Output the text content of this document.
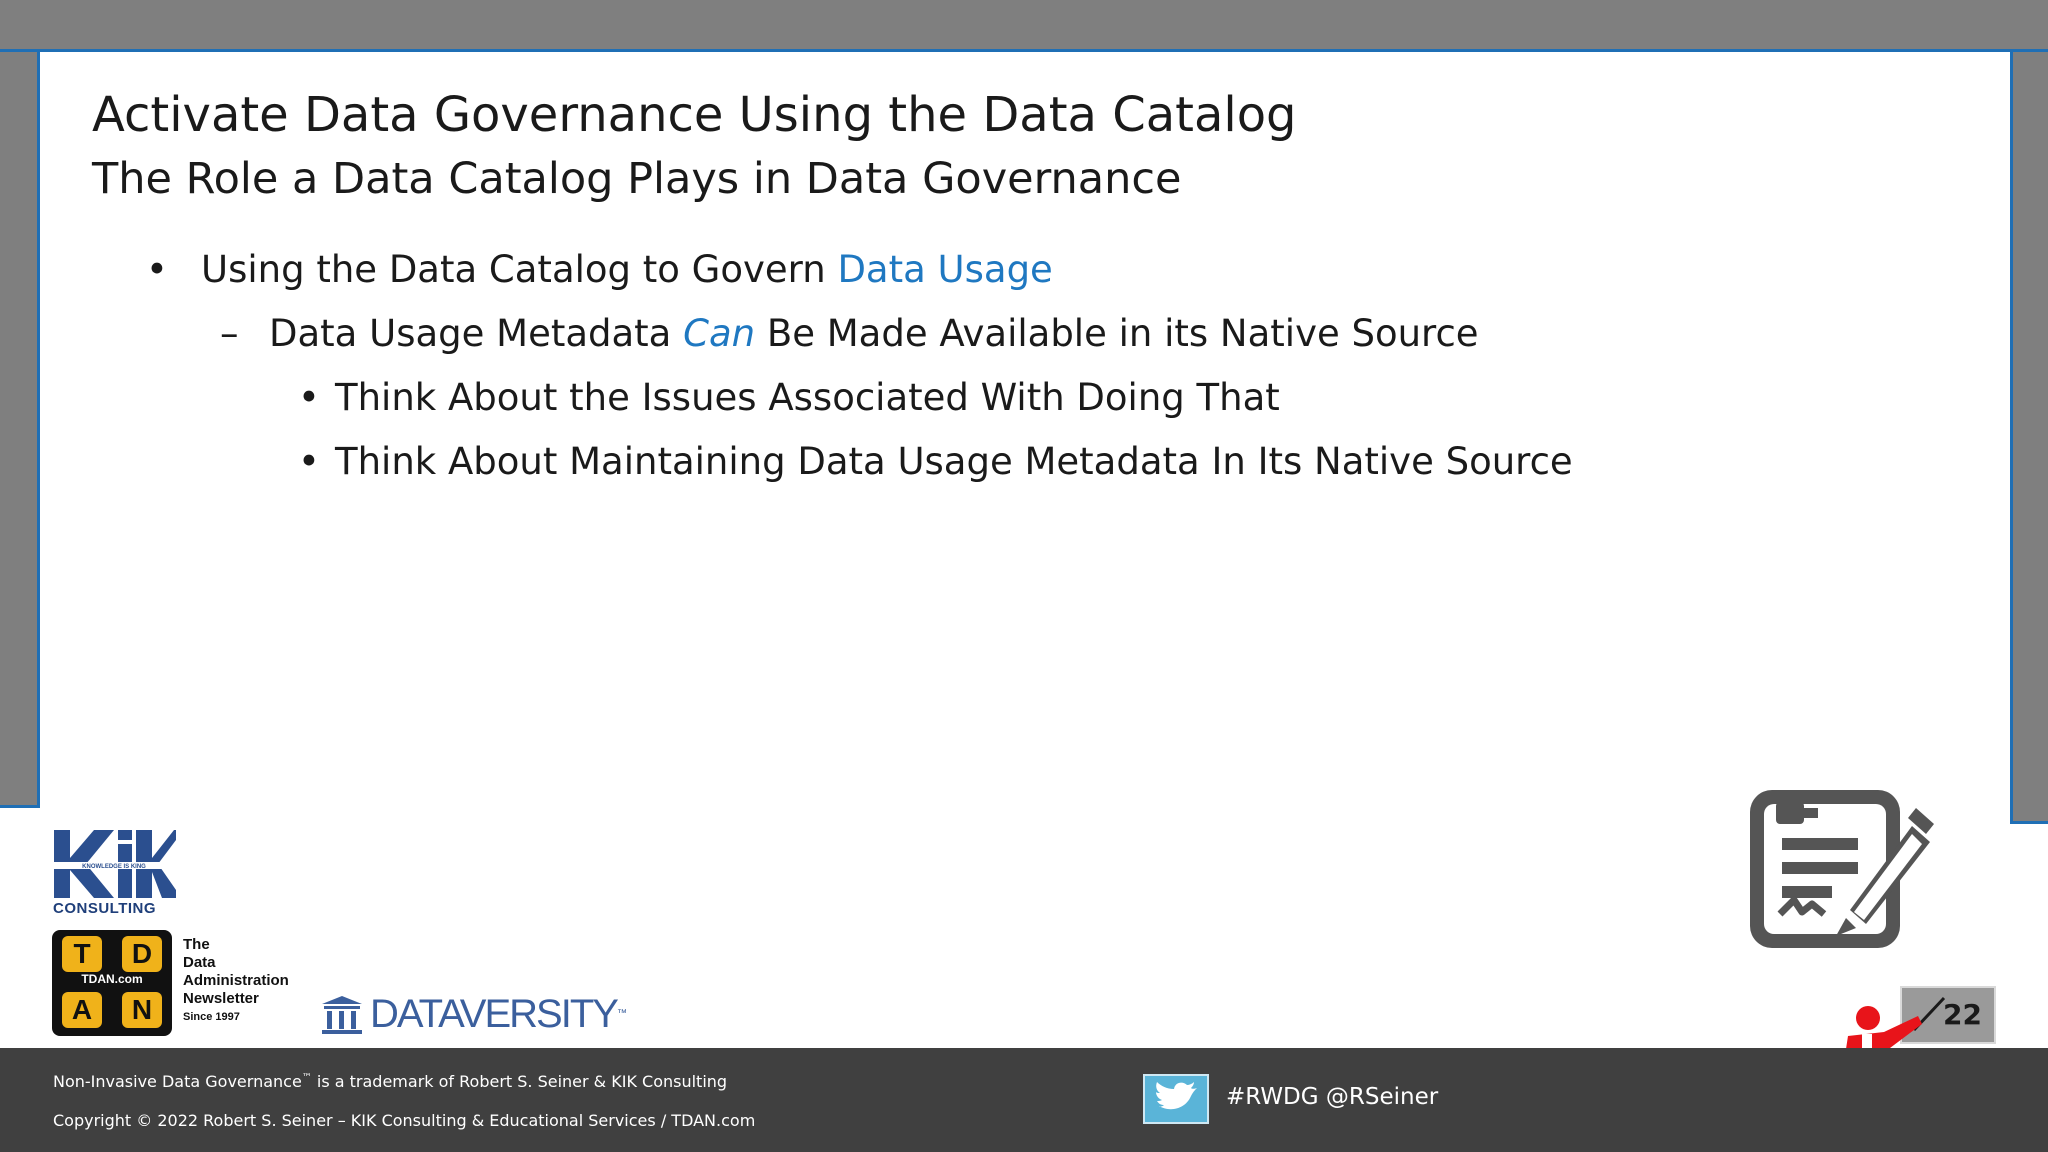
Activate Data Governance Using the Data Catalog
The Role a Data Catalog Plays in Data Governance
• Using the Data Catalog to Govern Data Usage
– Data Usage Metadata Can Be Made Available in its Native Source
• Think About the Issues Associated With Doing That
• Think About Maintaining Data Usage Metadata In Its Native Source
KNOWLEDGE IS KING
CONSULTING
T	D
TDAN.com
A	N
The
Data
Administration
Newsletter
Since 1997	DATAVERSITY™	22
Non-Invasive Data Governance™ is a trademark of Robert S. Seiner & KIK Consulting
Copyright © 2022 Robert S. Seiner – KIK Consulting & Educational Services / TDAN.com
#RWDG @RSeiner
